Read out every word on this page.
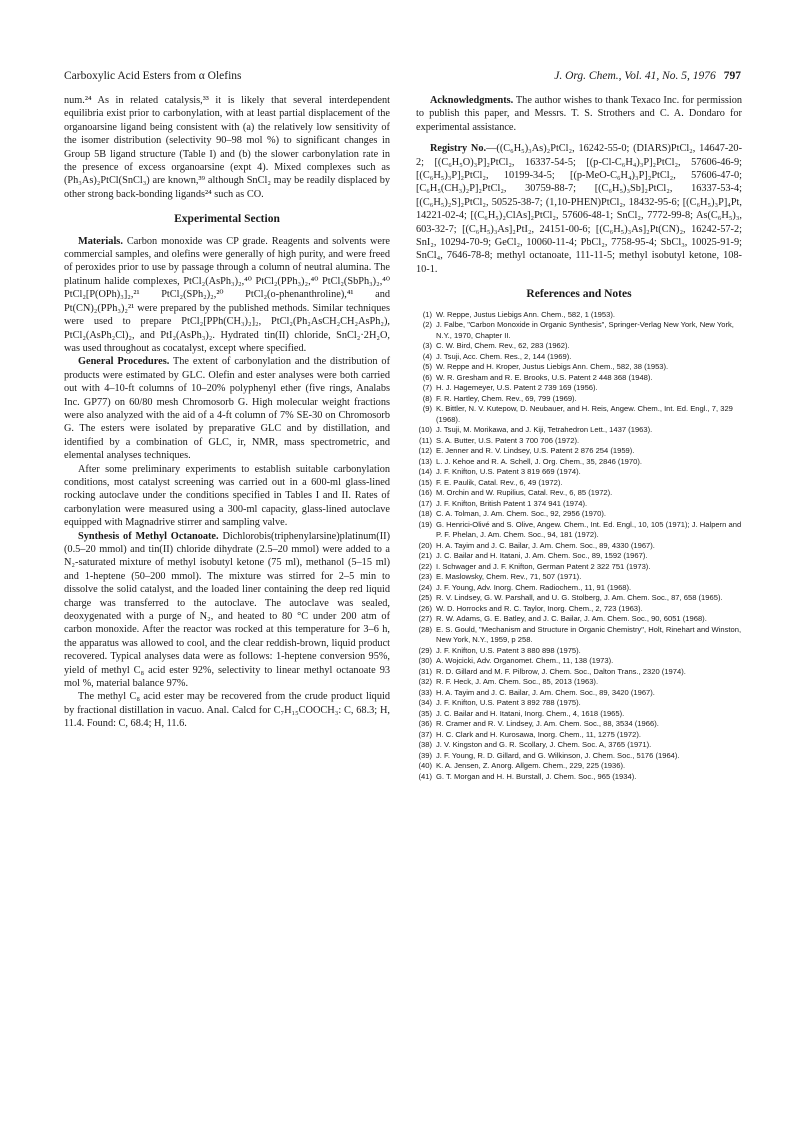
Carboxylic Acid Esters from α Olefins	J. Org. Chem., Vol. 41, No. 5, 1976 797

num.²⁴ As in related catalysis,³³ it is likely that several interdependent equilibria exist prior to carbonylation, with at least partial displacement of the organoarsine ligand being consistent with (a) the relatively low sensitivity of the isomer distribution (selectivity 90–98 mol %) to significant changes in Group 5B ligand structure (Table I) and (b) the slower carbonylation rate in the presence of excess organoarsine (expt 4). Mixed complexes such as (Ph₃As)₂PtCl(SnCl₃) are known,³⁹ although SnCl₂ may be readily displaced by other strong back-bonding ligands²⁴ such as CO.

Experimental Section

Materials. Carbon monoxide was CP grade. Reagents and solvents were commercial samples, and olefins were generally of high purity, and were freed of peroxides prior to use by passage through a column of neutral alumina. The platinum halide complexes, PtCl₂(AsPh₃)₂,⁴⁰ PtCl₂(PPh₃)₂,⁴⁰ PtCl₂(SbPh₃)₂,⁴⁰ PtCl₂[P(OPh)₃]₂,²¹ PtCl₂(SPh₂)₂,²⁰ PtCl₂(o-phenanthroline),⁴¹ and Pt(CN)₂(PPh₃)₂²¹ were prepared by the published methods. Similar techniques were used to prepare PtCl₂[PPh(CH₃)₂]₂, PtCl₂(Ph₂AsCH₂CH₂AsPh₂), PtCl₂(AsPh₂Cl)₂, and PtI₂(AsPh₃)₂. Hydrated tin(II) chloride, SnCl₂·2H₂O, was used throughout as cocatalyst, except where specified.

General Procedures. The extent of carbonylation and the distribution of products were estimated by GLC. Olefin and ester analyses were both carried out with 4–10-ft columns of 10–20% polyphenyl ether (five rings, Analabs Inc. GP77) on 60/80 mesh Chromosorb G. High molecular weight fractions were also analyzed with the aid of a 4-ft column of 7% SE-30 on Chromosorb G. The esters were isolated by preparative GLC and by distillation, and identified by a combination of GLC, ir, NMR, mass spectrometric, and elemental analyses techniques.

After some preliminary experiments to establish suitable carbonylation conditions, most catalyst screening was carried out in a 600-ml glass-lined rocking autoclave under the conditions specified in Tables I and II. Rates of carbonylation were measured using a 300-ml capacity, glass-lined autoclave equipped with Magnadrive stirrer and sampling valve.

Synthesis of Methyl Octanoate. Dichlorobis(triphenylarsine)platinum(II) (0.5–20 mmol) and tin(II) chloride dihydrate (2.5–20 mmol) were added to a N₂-saturated mixture of methyl isobutyl ketone (75 ml), methanol (5–15 ml) and 1-heptene (50–200 mmol). The mixture was stirred for 2–5 min to dissolve the solid catalyst, and the loaded liner containing the deep red liquid charge was transferred to the autoclave. The autoclave was sealed, deoxygenated with a purge of N₂, and heated to 80 °C under 200 atm of carbon monoxide. After the reactor was rocked at this temperature for 3–6 h, the apparatus was allowed to cool, and the clear reddish-brown, liquid product recovered. Typical analyses data were as follows: 1-heptene conversion 95%, yield of methyl C₈ acid ester 92%, selectivity to linear methyl octanoate 93 mol %, material balance 97%.

The methyl C₈ acid ester may be recovered from the crude product liquid by fractional distillation in vacuo. Anal. Calcd for C₇H₁₅COOCH₃: C, 68.3; H, 11.4. Found: C, 68.4; H, 11.6.

Acknowledgments. The author wishes to thank Texaco Inc. for permission to publish this paper, and Messrs. T. S. Strothers and C. A. Dondaro for experimental assistance.

Registry No.—((C₆H₅)₃As)₂PtCl₂, 16242-55-0; (DIARS)PtCl₂, 14647-20-2; [(C₆H₅O)₃P]₂PtCl₂, 16337-54-5; [(p-Cl-C₆H₄)₃P]₂PtCl₂, 57606-46-9; [(C₆H₅)₃P]₂PtCl₂, 10199-34-5; [(p-MeO-C₆H₄)₃P]₂PtCl₂, 57606-47-0; [C₆H₅(CH₃)₂P]₂PtCl₂, 30759-88-7; [(C₆H₅)₃Sb]₂PtCl₂, 16337-53-4; [(C₆H₅)₂S]₂PtCl₂, 50525-38-7; (1,10-PHEN)PtCl₂, 18432-95-6; [(C₆H₅)₃P]₄Pt, 14221-02-4; [(C₆H₅)₂ClAs]₂PtCl₂, 57606-48-1; SnCl₂, 7772-99-8; As(C₆H₅)₃, 603-32-7; [(C₆H₅)₃As]₂PtI₂, 24151-00-6; [(C₆H₅)₃As]₂Pt(CN)₂, 16242-57-2; SnI₂, 10294-70-9; GeCl₂, 10060-11-4; PbCl₂, 7758-95-4; SbCl₃, 10025-91-9; SnCl₄, 7646-78-8; methyl octanoate, 111-11-5; methyl isobutyl ketone, 108-10-1.

References and Notes
(1) W. Reppe, Justus Liebigs Ann. Chem., 582, 1 (1953).
(2) J. Falbe, "Carbon Monoxide in Organic Synthesis", Springer-Verlag New York, New York, N.Y., 1970, Chapter II.
(3) C. W. Bird, Chem. Rev., 62, 283 (1962).
(4) J. Tsuji, Acc. Chem. Res., 2, 144 (1969).
(5) W. Reppe and H. Kroper, Justus Liebigs Ann. Chem., 582, 38 (1953).
(6) W. R. Gresham and R. E. Brooks, U.S. Patent 2 448 368 (1948).
(7) H. J. Hagemeyer, U.S. Patent 2 739 169 (1956).
(8) F. R. Hartley, Chem. Rev., 69, 799 (1969).
(9) K. Bittler, N. V. Kutepow, D. Neubauer, and H. Reis, Angew. Chem., Int. Ed. Engl., 7, 329 (1968).
(10) J. Tsuji, M. Morikawa, and J. Kiji, Tetrahedron Lett., 1437 (1963).
(11) S. A. Butter, U.S. Patent 3 700 706 (1972).
(12) E. Jenner and R. V. Lindsey, U.S. Patent 2 876 254 (1959).
(13) L. J. Kehoe and R. A. Schell, J. Org. Chem., 35, 2846 (1970).
(14) J. F. Knifton, U.S. Patent 3 819 669 (1974).
(15) F. E. Paulik, Catal. Rev., 6, 49 (1972).
(16) M. Orchin and W. Rupilius, Catal. Rev., 6, 85 (1972).
(17) J. F. Knifton, British Patent 1 374 941 (1974).
(18) C. A. Tolman, J. Am. Chem. Soc., 92, 2956 (1970).
(19) G. Henrici-Olivé and S. Olive, Angew. Chem., Int. Ed. Engl., 10, 105 (1971); J. Halpern and P. F. Phelan, J. Am. Chem. Soc., 94, 181 (1972).
(20) H. A. Tayim and J. C. Bailar, J. Am. Chem. Soc., 89, 4330 (1967).
(21) J. C. Bailar and H. Itatani, J. Am. Chem. Soc., 89, 1592 (1967).
(22) I. Schwager and J. F. Knifton, German Patent 2 322 751 (1973).
(23) E. Maslowsky, Chem. Rev., 71, 507 (1971).
(24) J. F. Young, Adv. Inorg. Chem. Radiochem., 11, 91 (1968).
(25) R. V. Lindsey, G. W. Parshall, and U. G. Stolberg, J. Am. Chem. Soc., 87, 658 (1965).
(26) W. D. Horrocks and R. C. Taylor, Inorg. Chem., 2, 723 (1963).
(27) R. W. Adams, G. E. Batley, and J. C. Bailar, J. Am. Chem. Soc., 90, 6051 (1968).
(28) E. S. Gould, "Mechanism and Structure in Organic Chemistry", Holt, Rinehart and Winston, New York, N.Y., 1959, p 258.
(29) J. F. Knifton, U.S. Patent 3 880 898 (1975).
(30) A. Wojcicki, Adv. Organomet. Chem., 11, 138 (1973).
(31) R. D. Gillard and M. F. Pilbrow, J. Chem. Soc., Dalton Trans., 2320 (1974).
(32) R. F. Heck, J. Am. Chem. Soc., 85, 2013 (1963).
(33) H. A. Tayim and J. C. Bailar, J. Am. Chem. Soc., 89, 3420 (1967).
(34) J. F. Knifton, U.S. Patent 3 892 788 (1975).
(35) J. C. Bailar and H. Itatani, Inorg. Chem., 4, 1618 (1965).
(36) R. Cramer and R. V. Lindsey, J. Am. Chem. Soc., 88, 3534 (1966).
(37) H. C. Clark and H. Kurosawa, Inorg. Chem., 11, 1275 (1972).
(38) J. V. Kingston and G. R. Scollary, J. Chem. Soc. A, 3765 (1971).
(39) J. F. Young, R. D. Gillard, and G. Wilkinson, J. Chem. Soc., 5176 (1964).
(40) K. A. Jensen, Z. Anorg. Allgem. Chem., 229, 225 (1936).
(41) G. T. Morgan and H. H. Burstall, J. Chem. Soc., 965 (1934).
